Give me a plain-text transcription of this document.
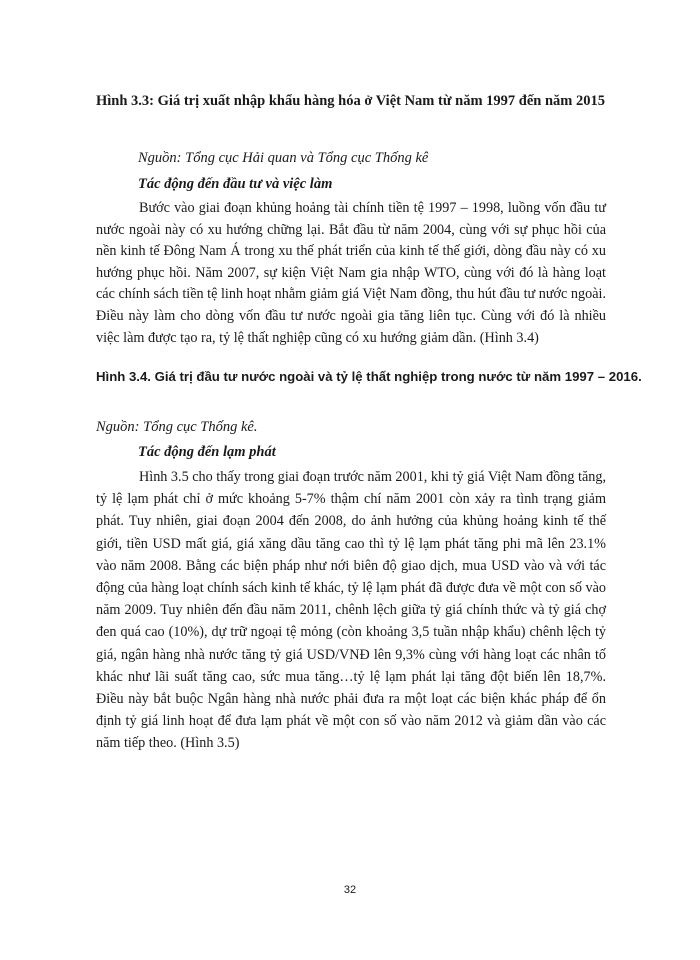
Hình 3.3: Giá trị xuất nhập khẩu hàng hóa ở Việt Nam từ năm 1997 đến năm 2015
Nguồn: Tổng cục Hải quan và Tổng cục Thống kê
Tác động đến đầu tư và việc làm
Bước vào giai đoạn khủng hoảng tài chính tiền tệ 1997 – 1998, luồng vốn đầu tư nước ngoài này có xu hướng chững lại. Bắt đầu từ năm 2004, cùng với sự phục hồi của nền kinh tế Đông Nam Á trong xu thế phát triển của kinh tế thế giới, dòng đầu này có xu hướng phục hồi. Năm 2007, sự kiện Việt Nam gia nhập WTO, cùng với đó là hàng loạt các chính sách tiền tệ linh hoạt nhằm giảm giá Việt Nam đồng, thu hút đầu tư nước ngoài. Điều này làm cho dòng vốn đầu tư nước ngoài gia tăng liên tục. Cùng với đó là nhiều việc làm được tạo ra, tỷ lệ thất nghiệp cũng có xu hướng giảm dần. (Hình 3.4)
Hình 3.4. Giá trị đầu tư nước ngoài và tỷ lệ thất nghiệp trong nước từ năm 1997 – 2016.
Nguồn: Tổng cục Thống kê.
Tác động đến lạm phát
Hình 3.5 cho thấy trong giai đoạn trước năm 2001, khi tỷ giá Việt Nam đồng tăng, tỷ lệ lạm phát chỉ ở mức khoảng 5-7% thậm chí năm 2001 còn xảy ra tình trạng giảm phát. Tuy nhiên, giai đoạn 2004 đến 2008, do ảnh hưởng của khủng hoảng kinh tế thế giới, tiền USD mất giá, giá xăng dầu tăng cao thì tỷ lệ lạm phát tăng phi mã lên 23.1% vào năm 2008. Bằng các biện pháp như nới biên độ giao dịch, mua USD vào và với tác động của hàng loạt chính sách kinh tế khác, tỷ lệ lạm phát đã được đưa về một con số vào năm 2009. Tuy nhiên đến đầu năm 2011, chênh lệch giữa tỷ giá chính thức và tỷ giá chợ đen quá cao (10%), dự trữ ngoại tệ mỏng (còn khoảng 3,5 tuần nhập khẩu) chênh lệch tỷ giá, ngân hàng nhà nước tăng tỷ giá USD/VNĐ lên 9,3% cùng với hàng loạt các nhân tố khác như lãi suất tăng cao, sức mua tăng…tỷ lệ lạm phát lại tăng đột biến lên 18,7%. Điều này bắt buộc Ngân hàng nhà nước phải đưa ra một loạt các biện khác pháp để ổn định tỷ giá linh hoạt để đưa lạm phát về một con số vào năm 2012 và giảm dần vào các năm tiếp theo. (Hình 3.5)
32
